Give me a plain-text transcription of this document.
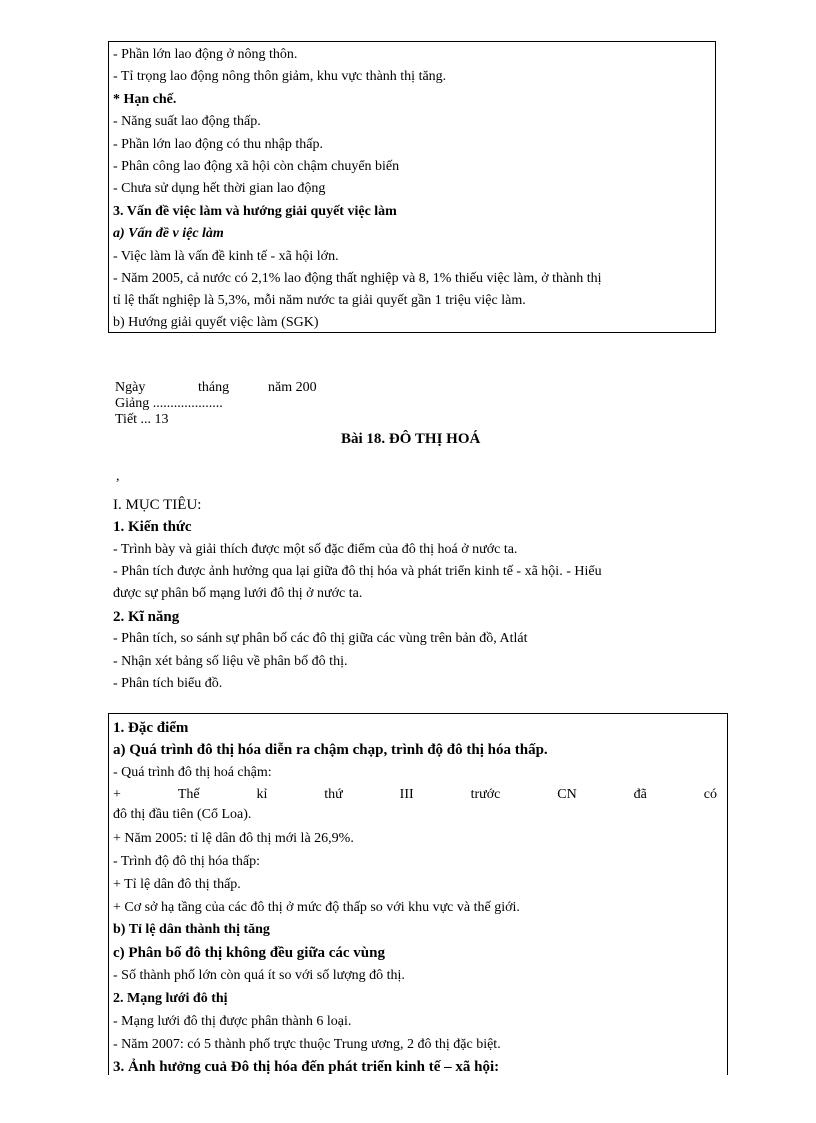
- Phần lớn lao động ở nông thôn.
- Tỉ trọng lao động nông thôn giảm, khu vực thành thị tăng.
* Hạn chế.
- Năng suất lao động thấp.
- Phần lớn lao động có thu nhập thấp.
- Phân công lao động xã hội còn chậm chuyển biến
- Chưa sử dụng hết thời gian lao động
3. Vấn đề việc làm và hướng giải quyết việc làm
a) Vấn đề v iệc làm
- Việc làm là vấn đề kinh tế - xã hội lớn.
- Năm 2005, cả nước có 2,1% lao động thất nghiệp và 8, 1% thiếu việc làm, ở thành thị
tỉ lệ thất nghiệp là 5,3%, mỗi năm nước ta giải quyết gần 1 triệu việc làm.
b) Hướng giải quyết việc làm (SGK)
Ngày	tháng	năm 200
Giảng ....................
Tiết ... 13
Bài 18. ĐÔ THỊ HOÁ
,
I. MỤC TIÊU:
1. Kiến thức
- Trình bày và giải thích được một số đặc điểm của đô thị hoá ở nước ta.
- Phân tích được ảnh hưởng qua lại giữa đô thị hóa và phát triển kinh tế - xã hội. - Hiểu
được sự phân bố mạng lưới đô thị ở nước ta.
2. Kĩ năng
- Phân tích, so sánh sự phân bố các đô thị giữa các vùng trên bản đồ, Atlát
- Nhận xét bảng số liệu về phân bố đô thị.
- Phân tích biểu đồ.
1. Đặc điểm
a) Quá trình đô thị hóa diễn ra chậm chạp, trình độ đô thị hóa thấp.
- Quá trình đô thị hoá chậm:
+	Thế	kỉ	thứ	III	trước	CN	đã	có
đô thị đầu tiên (Cổ Loa).
+ Năm 2005: tỉ lệ dân đô thị mới là 26,9%.
- Trình độ đô thị hóa thấp:
+ Tỉ lệ dân đô thị thấp.
+ Cơ sở hạ tầng của các đô thị ở mức độ thấp so với khu vực và thế giới.
b) Tỉ lệ dân thành thị tăng
c) Phân bố đô thị không đều giữa các vùng
- Số thành phố lớn còn quá ít so với số lượng đô thị.
2. Mạng lưới đô thị
- Mạng lưới đô thị được phân thành 6 loại.
- Năm 2007: có 5 thành phố trực thuộc Trung ương, 2 đô thị đặc biệt.
3. Ảnh hưởng cuả Đô thị hóa đến phát triển kinh tế – xã hội:
